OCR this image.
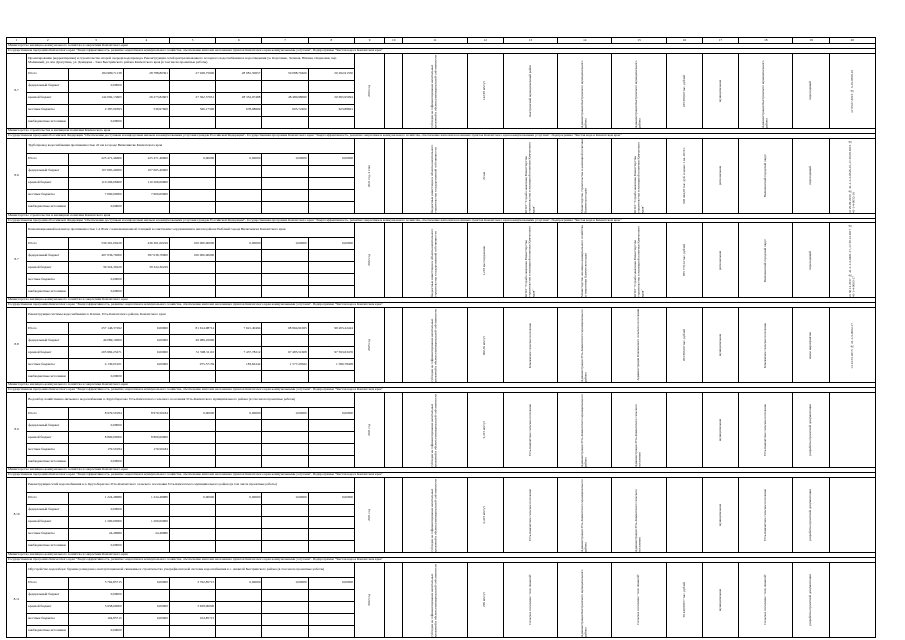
1	2	3	4	5	6	7	8	9	10	11	12	13	14	15	16	17	18	19	20
Министерство жилищно-коммунального хозяйства и энергетики Камчатского края																			
Государственная программа Камчатского края "Энергоэффективность, развитие энергетики и коммунального хозяйства, обеспечение жителей населенных пунктов Камчатского края коммунальными услугами". Подпрограмма "Чистая вода в Камчатском крае"																			
8.7	Проектирование (корректировка) и строительство второй очереди водопровода. Реконструкция сетей централизованного холодного водоснабжения и водоотведения ул. Коротенко, Зеленая, Южная, Озерновая, пер. Малинный, ул. им. Драгутина, ул. Демидова - Зона Быстринского района Камчатского края (в том числе проектные работы)							2023 год		субсидия на софинансирование капитальных вложений в объекты муниципальной собственности	142,95 м3/сут	Быстринский муниципальный район	Администрация Быстринского муниципального района	Администрация Быстринского муниципального района	235 699,00 тыс. рублей	муниципальная	Администрация Быстринского муниципального района	переходящий	от 05.07.2016 № 3-16-0399-16

	Итого	184 989,71138	28 788,80391	27 928,75600	28 081,50657	50 088,70400	50 292,91350												
	федеральный бюджет	0,00000																	
	краевой бюджет	142 092,13605	26 273,82603	27 362,57951	28 352,97488	48 480,98060	50 695,95094												
	местные бюджеты	2 387,00393	536,97600	566,17500	678,68669	605,72400	623,88691												
	внебюджетные источники	0,00000																	
Министерство строительства и жилищной политики Камчатского края																			
Государственная программа Российской Федерации "Обеспечение доступным и комфортным жильем и коммунальными услугами граждан Российской Федерации". Государственная программа Камчатского края "Энергоэффективность, развитие энергетики и коммунального хозяйства, обеспечение жителей населенных пунктов Камчатского края коммунальными услугами". Подпрограмма "Чистая вода в Камчатском крае"																			
8.6	Трубопровод водоснабжения протяженностью 22 км в городе Вилючинске Камчатского края							2021 год, 4 этап		бюджетные инвестиции в объекты капитального строительства государственной собственности	22 км	КГКУ "Служба заказчика Министерства строительства и жилищной политики Камчатского края"	Министерство строительства и жилищной политики Камчатского края	КГКУ "Служба заказчика Министерства строительства и жилищной политики Камчатского края"	628 444,05 тыс. руб. в ценах 1 кв. 2016 г.	региональная	Вилючинский городской округ	переходящий	от 29.09.2016 № 41-1-1-3-0346-16, от 29.09.2016 № 41-1-4-0052-16

	Итого	225 471,46600	225 471,46600	0,00000	0,00000	0,00000	0,00000												
	федеральный бюджет	107 665,40000	107 665,40000																
	краевой бюджет	110 206,06600	110 206,06600																
	местные бюджеты	7 600,00000	7 600,00000																
	внебюджетные источники	0,00000																	
Министерство строительства и жилищной политики Камчатского края																			
Государственная программа Российской Федерации "Обеспечение доступным и комфортным жильем и коммунальными услугами граждан Российской Федерации". Государственная программа Камчатского края "Энергоэффективность, развитие энергетики и коммунального хозяйства, обеспечение жителей населенных пунктов Камчатского края коммунальными услугами". Подпрограмма "Чистая вода в Камчатском крае"																			
8.7	Канализационный коллектор протяженностью 1,218 км с канализационной станцией и очистными сооружениями в жилом районе Рыбачий города Вилючинска Камчатского края							2022 год		бюджетные инвестиции в объекты капитального строительства государственной собственности	1,218 км сооружение	КГКУ "Служба заказчика Министерства строительства и жилищной политики Камчатского края"	Министерство жилищно-коммунального хозяйства и энергетики Камчатского края	КГКУ "Служба заказчика Министерства строительства и жилищной политики Камчатского края"	855 778,14 тыс. рублей	региональная	Вилючинский городской округ	переходящий	от 30.12.2017 № 41-1-1-3-0481-17, от 30.12.2017 № 41-1-4-0083-17

	Итого	536 361,00229	436 361,00229	100 000,00000	0,00000	0,00000	0,00000												
	федеральный бюджет	497 036,70000	397 036,70000	100 000,00000															
	краевой бюджет	39 324,30229	39 324,30229																
	местные бюджеты	0,00000																	
	внебюджетные источники	0,00000																	
Министерство жилищно-коммунального хозяйства и энергетики Камчатского края																			
Государственная программа Камчатского края "Энергоэффективность, развитие энергетики и коммунального хозяйства, обеспечение жителей населенных пунктов Камчатского края коммунальными услугами". Подпрограмма "Чистая вода в Камчатском крае"																			
8.8	Реконструкция системы водоснабжения п. Ключи, Усть-Камчатского района, Камчатского края							2025 год		субсидия на софинансирование капитальных вложений в объекты муниципальной собственности	800,36 м3/сут	Ключевское сельское поселение	Администрация Усть-Камчатского муниципального района	Администрация Ключевского сельского поселения	203 896,60 тыс. рублей	муниципальная	Ключевское сельское поселение	новое мероприятие	от 23.01.2015 № 41-1-5-0002-17

	Итого	257 146,37292	0,00000	81 614,98714	7 621,40494	68 964,91065	99 205,22424												
	федеральный бюджет	49 089,10000	0,00000	49 089,10000															
	краевой бюджет	203 982,25271	0,00000	31 598,31110	7 437,78212	67 485,51608	97 593,63476												
	местные бюджеты	4 139,01921	0,00000	975,57159	183,62242	1 577,29362	1 580,78408												
	внебюджетные источники	0,00000																	
Министерство жилищно-коммунального хозяйства и энергетики Камчатского края																			
Государственная программа Камчатского края "Энергоэффективность, развитие энергетики и коммунального хозяйства, обеспечение жителей населенных пунктов Камчатского края коммунальными услугами". Подпрограмма "Чистая вода в Камчатском крае"																			
8.9	Водозабор хозяйственно-питьевого водоснабжения п. Крутоберегово Усть-Камчатского сельского поселения Усть-Камчатского муниципального района (в том числе проектные работы)							2021 год		субсидия на софинансирование капитальных вложений в объекты муниципальной собственности	5,315 м3/сут	Усть-Камчатское сельское поселение	Администрация Усть-Камчатского муниципального района	Администрация Усть-Камчатского сельского поселения		муниципальная	Усть-Камчатское сельское поселение	разработка проектной документации	

	Итого	8 979,50184	8 979,50184	0,00000	0,00000	0,00000	0,00000												
	федеральный бюджет	0,00000																	
	краевой бюджет	8 800,00000	8 800,00000																
	местные бюджеты	179,50184	179,50184																
	внебюджетные источники	0,00000																	
Министерство жилищно-коммунального хозяйства и энергетики Камчатского края																			
Государственная программа Камчатского края "Энергоэффективность, развитие энергетики и коммунального хозяйства, обеспечение жителей населенных пунктов Камчатского края коммунальными услугами". Подпрограмма "Чистая вода в Камчатском крае"																			
8.10	Реконструкция сетей водоснабжения в п. Крутоберегово Усть-Камчатского сельского поселения Усть-Камчатского муниципального района (в том числе проектные работы)							2021 год		субсидия на софинансирование капитальных вложений в объекты муниципальной собственности	0,415 м3/сут	Усть-Камчатское сельское поселение	Администрация Усть-Камчатского муниципального района	Администрация Усть-Камчатского сельского поселения		муниципальная	Усть-Камчатское сельское поселение	разработка проектной документации	

	Итого	1 224,48980	1 224,48980	0,00000	0,00000	0,00000	0,00000												
	федеральный бюджет	0,00000																	
	краевой бюджет	1 200,00000	1 200,00000																
	местные бюджеты	24,48980	24,48980																
	внебюджетные источники	0,00000																	
Министерство жилищно-коммунального хозяйства и энергетики Камчатского края																			
Государственная программа Камчатского края "Энергоэффективность, развитие энергетики и коммунального хозяйства, обеспечение жителей населенных пунктов Камчатского края коммунальными услугами". Подпрограмма "Чистая вода в Камчатском крае"																			
8.11	Обустройство водозабора: бурение разведочно-эксплуатационной скважины и строительство ультрафиолетовой системы водоснабжения в с. Анавгай Быстринского района (в том числе проектные работы)							2022 год		субсидия на софинансирование капитальных вложений в объекты муниципальной собственности	290 м3/сут	Сельское поселение "село Анавгай"	Администрация Быстринского муниципального района	Сельское поселение "село Анавгай"	59 449,99077 тыс. рублей	муниципальная	Сельское поселение "село Анавгай"	разработка проектной документации	

	Итого	3 762,85715	0,00000	3 762,85715	0,00000	0,00000	0,00000												
	федеральный бюджет	0,00000																	
	краевой бюджет	3 658,00000	0,00000	3 658,00000															
	местные бюджеты	104,85715	0,00000	104,85715															
	внебюджетные источники	0,00000																	
